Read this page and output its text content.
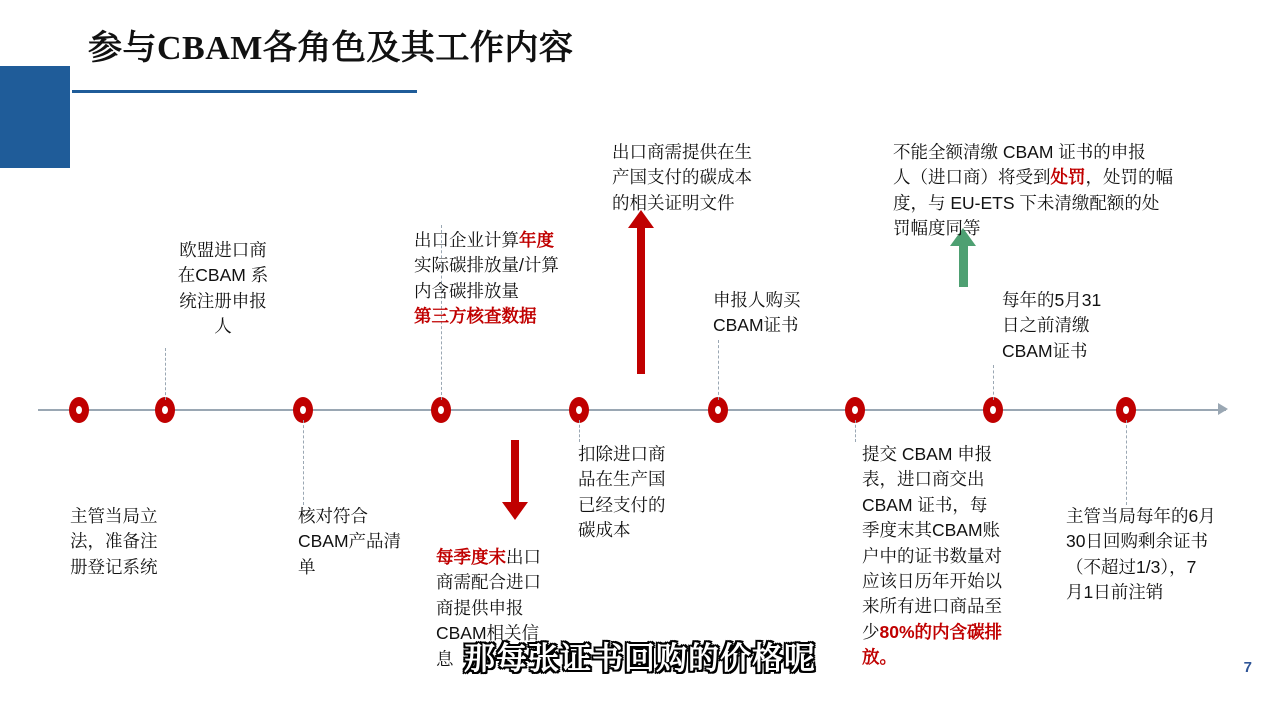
参与CBAM各角色及其工作内容
欧盟进口商
在CBAM 系
统注册申报
人
出口企业计算年度
实际碳排放量/计算
内含碳排放量
第三方核查数据
出口商需提供在生
产国支付的碳成本
的相关证明文件
申报人购买
CBAM证书
不能全额清缴 CBAM 证书的申报
人（进口商）将受到处罚，处罚的幅
度，与 EU-ETS 下未清缴配额的处
罚幅度同等
每年的5月31
日之前清缴
CBAM证书
主管当局立
法，准备注
册登记系统
核对符合
CBAM产品清
单	每季度末出口
商需配合进口
商提供申报
CBAM相关信
息
扣除进口商
品在生产国
已经支付的
碳成本
提交 CBAM 申报
表，进口商交出
CBAM 证书，每
季度末其CBAM账
户中的证书数量对
应该日历年开始以
来所有进口商品至
少80%的内含碳排
放。
主管当局每年的6月
30日回购剩余证书
（不超过1/3），7
月1日前注销
7
那每张证书回购的价格呢
